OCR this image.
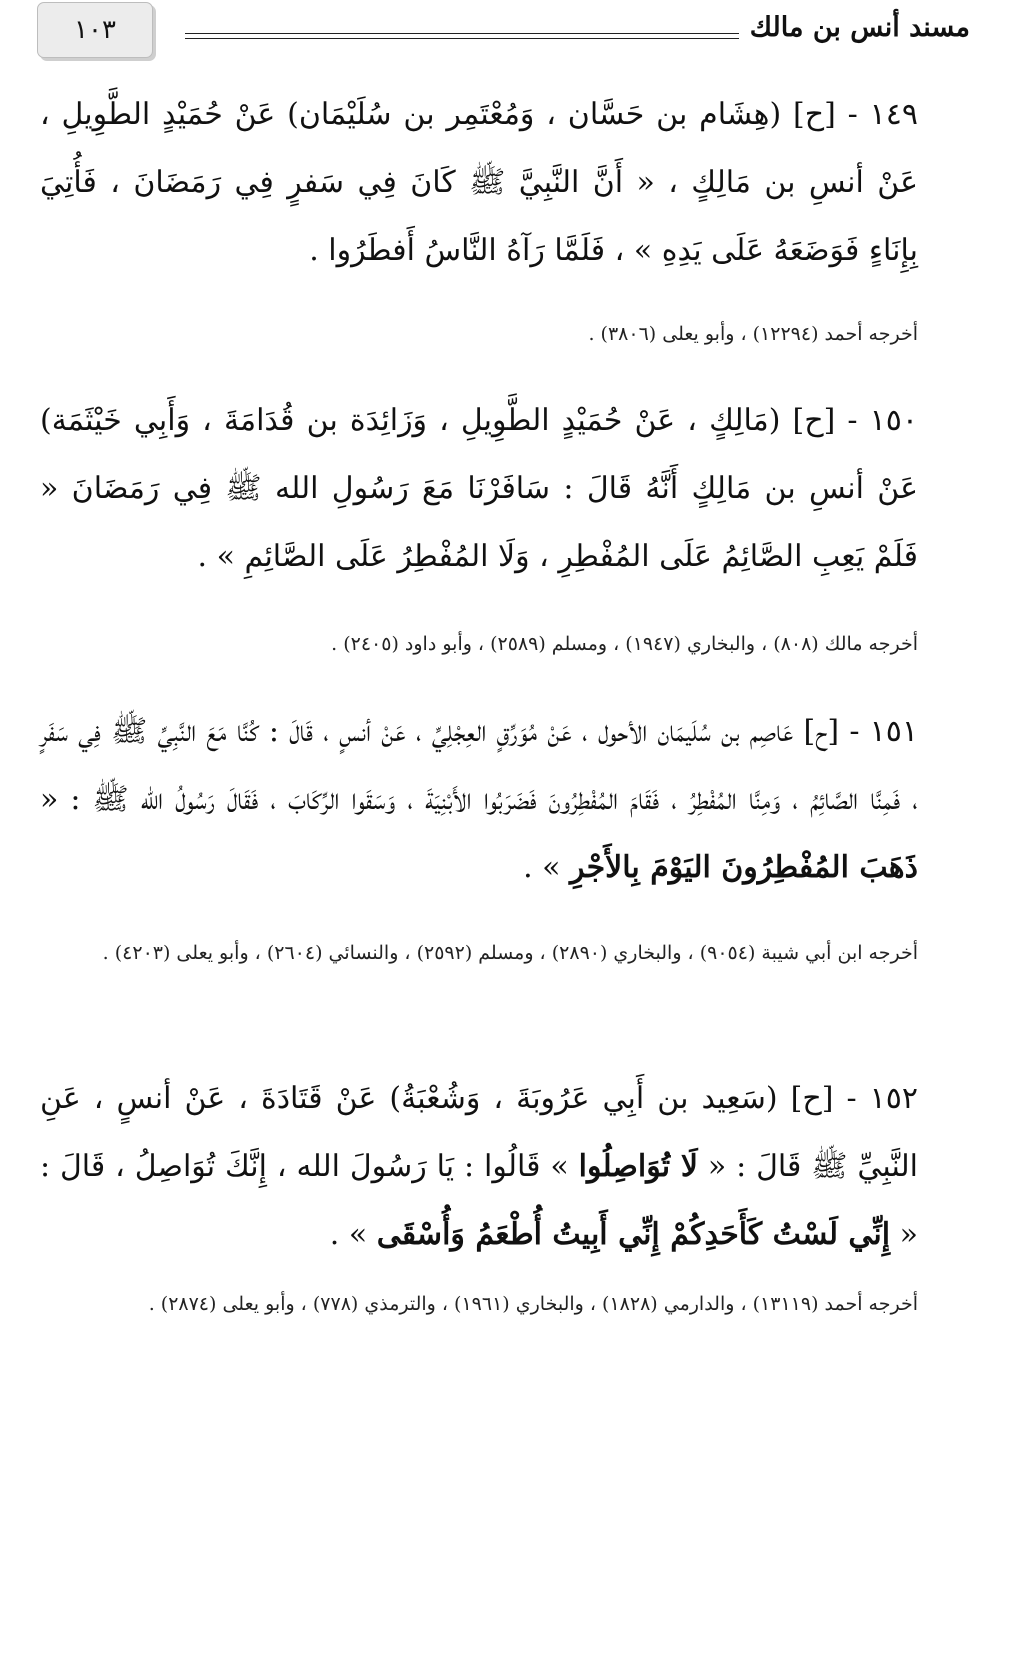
مسند أنس بن مالك
١٠٣
١٤٩ - [ح] (هِشَام بن حَسَّان ، وَمُعْتَمِر بن سُلَيْمَان) عَنْ حُمَيْدٍ الطَّوِيلِ ، عَنْ أنسِ بن مَالِكٍ ، « أَنَّ النَّبِيَّ ﷺ كَانَ فِي سَفرٍ فِي رَمَضَانَ ، فَأُتِيَ بِإِنَاءٍ فَوَضَعَهُ عَلَى يَدِهِ » ، فَلَمَّا رَآهُ النَّاسُ أَفطَرُوا .
أخرجه أحمد (١٢٢٩٤) ، وأبو يعلى (٣٨٠٦) .
١٥٠ - [ح] (مَالِكٍ ، عَنْ حُمَيْدٍ الطَّوِيلِ ، وَزَائِدَة بن قُدَامَةَ ، وَأَبِي خَيْثَمَة) عَنْ أنسِ بن مَالِكٍ أَنَّهُ قَالَ : سَافَرْنَا مَعَ رَسُولِ الله ﷺ فِي رَمَضَانَ « فَلَمْ يَعِبِ الصَّائِمُ عَلَى المُفْطِرِ ، وَلَا المُفْطِرُ عَلَى الصَّائِمِ » .
أخرجه مالك (٨٠٨) ، والبخاري (١٩٤٧) ، ومسلم (٢٥٨٩) ، وأبو داود (٢٤٠٥) .
١٥١ - [ح] عَاصِم بن سُلَيمَان الأحول ، عَنْ مُوَرِّقٍ العِجْلِيِّ ، عَنْ أنسٍ ، قَالَ : كُنَّا مَعَ النَّبِيِّ ﷺ فِي سَفَرٍ ، فَمِنَّا الصَّائِمُ ، وَمِنَّا المُفْطِرُ ، فَقَامَ المُفْطِرُونَ فَضَرَبُوا الأَبْنِيَةَ ، وَسَقَوا الرِّكَابَ ، فَقَالَ رَسُولُ الله ﷺ : « ذَهَبَ المُفْطِرُونَ اليَوْمَ بِالأَجْرِ » .
أخرجه ابن أبي شيبة (٩٠٥٤) ، والبخاري (٢٨٩٠) ، ومسلم (٢٥٩٢) ، والنسائي (٢٦٠٤) ، وأبو يعلى (٤٢٠٣) .
١٥٢ - [ح] (سَعِيد بن أَبِي عَرُوبَةَ ، وَشُعْبَةُ) عَنْ قَتَادَةَ ، عَنْ أنسٍ ، عَنِ النَّبِيِّ ﷺ قَالَ : « لَا تُوَاصِلُوا » قَالُوا : يَا رَسُولَ الله ، إِنَّكَ تُوَاصِلُ ، قَالَ : « إِنِّي لَسْتُ كَأَحَدِكُمْ إِنِّي أَبِيتُ أُطْعَمُ وَأُسْقَى » .
أخرجه أحمد (١٣١١٩) ، والدارمي (١٨٢٨) ، والبخاري (١٩٦١) ، والترمذي (٧٧٨) ، وأبو يعلى (٢٨٧٤) .
